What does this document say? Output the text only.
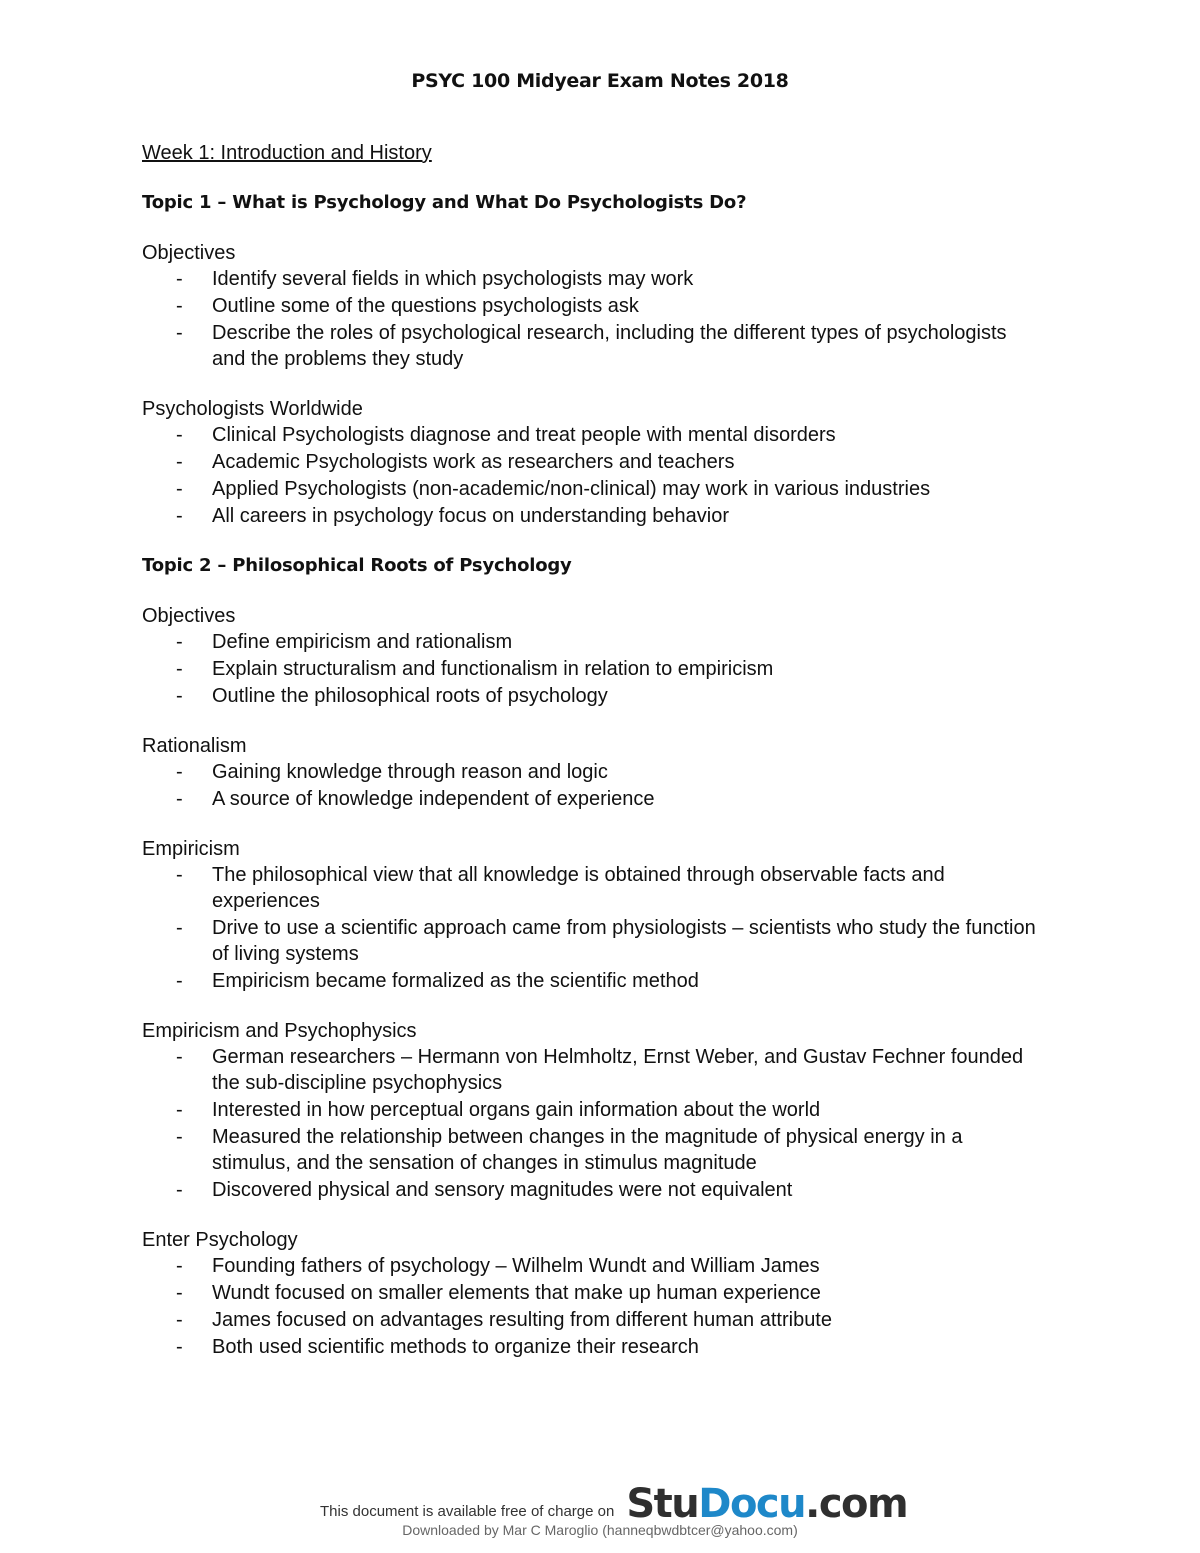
PSYC 100 Midyear Exam Notes 2018
Week 1: Introduction and History
Topic 1 – What is Psychology and What Do Psychologists Do?
Objectives
- Identify several fields in which psychologists may work
- Outline some of the questions psychologists ask
- Describe the roles of psychological research, including the different types of psychologists and the problems they study
Psychologists Worldwide
- Clinical Psychologists diagnose and treat people with mental disorders
- Academic Psychologists work as researchers and teachers
- Applied Psychologists (non-academic/non-clinical) may work in various industries
- All careers in psychology focus on understanding behavior
Topic 2 – Philosophical Roots of Psychology
Objectives
- Define empiricism and rationalism
- Explain structuralism and functionalism in relation to empiricism
- Outline the philosophical roots of psychology
Rationalism
- Gaining knowledge through reason and logic
- A source of knowledge independent of experience
Empiricism
- The philosophical view that all knowledge is obtained through observable facts and experiences
- Drive to use a scientific approach came from physiologists – scientists who study the function of living systems
- Empiricism became formalized as the scientific method
Empiricism and Psychophysics
- German researchers – Hermann von Helmholtz, Ernst Weber, and Gustav Fechner founded the sub-discipline psychophysics
- Interested in how perceptual organs gain information about the world
- Measured the relationship between changes in the magnitude of physical energy in a stimulus, and the sensation of changes in stimulus magnitude
- Discovered physical and sensory magnitudes were not equivalent
Enter Psychology
- Founding fathers of psychology – Wilhelm Wundt and William James
- Wundt focused on smaller elements that make up human experience
- James focused on advantages resulting from different human attribute
- Both used scientific methods to organize their research
This document is available free of charge on StuDocu.com
Downloaded by Mar C Maroglio (hanneqbwdbtcer@yahoo.com)
